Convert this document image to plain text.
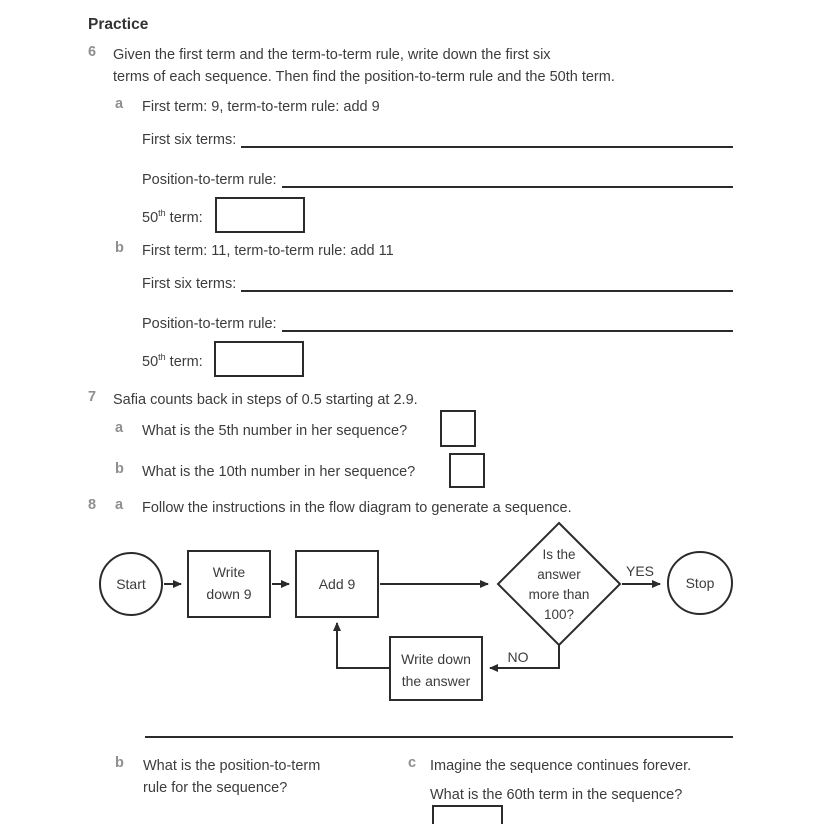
Practice
6 Given the first term and the term-to-term rule, write down the first six
terms of each sequence. Then find the position-to-term rule and the 50th term.
a First term: 9, term-to-term rule: add 9
First six terms:
Position-to-term rule:
50th term:
b First term: 11, term-to-term rule: add 11
First six terms:
Position-to-term rule:
50th term:
7 Safia counts back in steps of 0.5 starting at 2.9.
a What is the 5th number in her sequence?
b What is the 10th number in her sequence?
8 a Follow the instructions in the flow diagram to generate a sequence.
Start
Write
down 9
Add 9
Is the
answer
more than
100?
YES
Stop
NO
Write down
the answer
b What is the position-to-term
rule for the sequence?
c Imagine the sequence continues forever.
What is the 60th term in the sequence?
